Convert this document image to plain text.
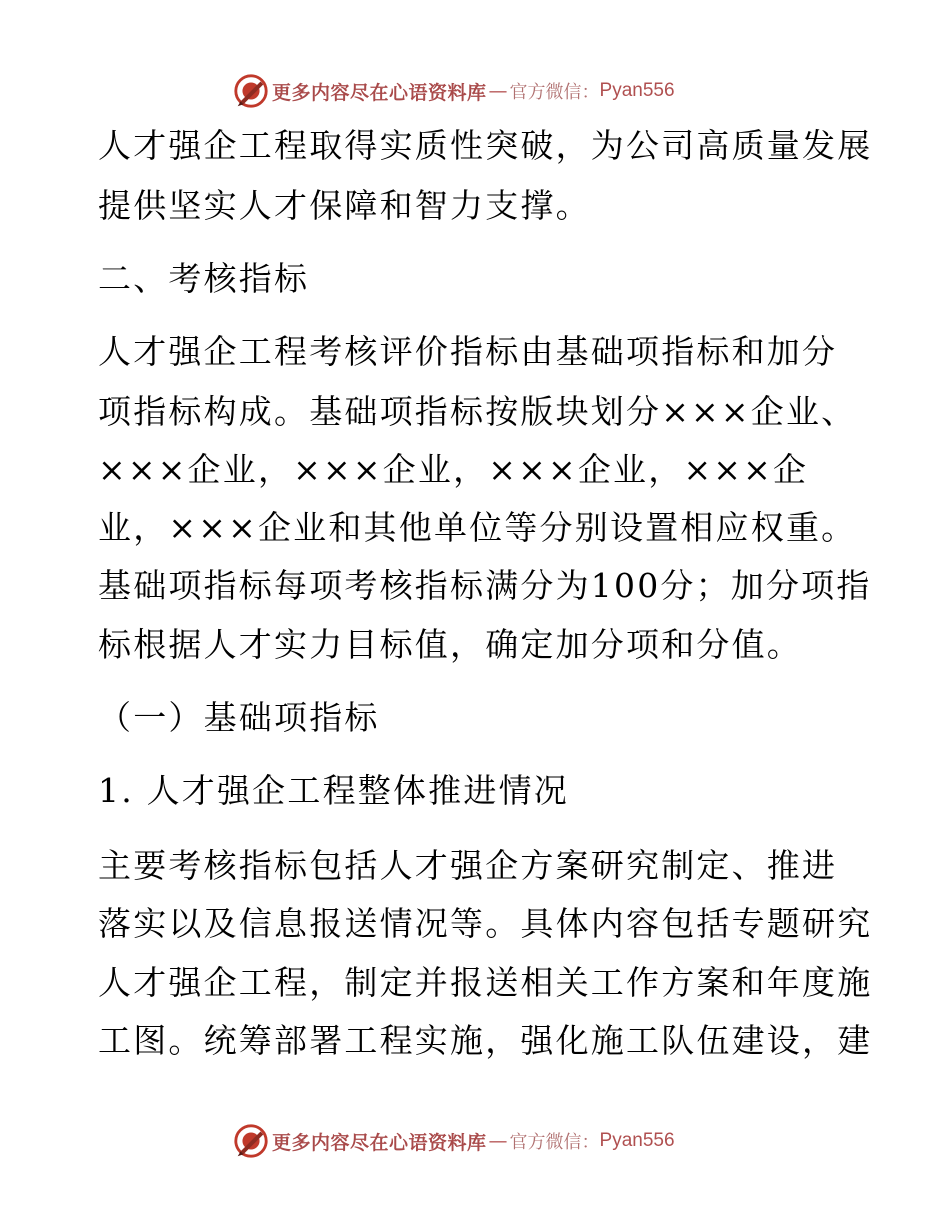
更多内容尽在心语资料库 — 官方微信： Pyan556
人才强企工程取得实质性突破，为公司高质量发展
提供坚实人才保障和智力支撑。
二、考核指标
人才强企工程考核评价指标由基础项指标和加分
项指标构成。基础项指标按版块划分×××企业、
×××企业，×××企业，×××企业，×××企
业，×××企业和其他单位等分别设置相应权重。
基础项指标每项考核指标满分为100分；加分项指
标根据人才实力目标值，确定加分项和分值。
（一）基础项指标
1. 人才强企工程整体推进情况
主要考核指标包括人才强企方案研究制定、推进
落实以及信息报送情况等。具体内容包括专题研究
人才强企工程，制定并报送相关工作方案和年度施
工图。统筹部署工程实施，强化施工队伍建设，建
更多内容尽在心语资料库 — 官方微信： Pyan556
